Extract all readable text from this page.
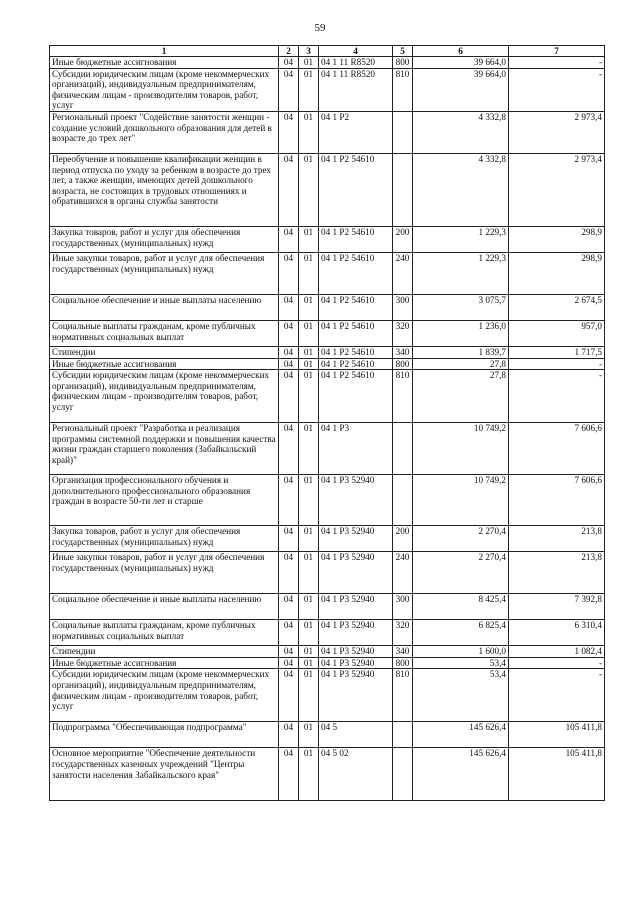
59
1	2	3	4	5	6	7
Иные бюджетные ассигнования	04	01	04 1 11 R8520	800	39 664,0	-
Субсидии юридическим лицам (кроме некоммерческих организаций), индивидуальным предпринимателям, физическим лицам - производителям товаров, работ, услуг	04	01	04 1 11 R8520	810	39 664,0	-
Региональный проект "Содействие занятости женщин - создание условий дошкольного образования для детей в возрасте до трех лет"	04	01	04 1 P2		4 332,8	2 973,4
Переобучение и повышение квалификации женщин в период отпуска по уходу за ребенком в возрасте до трех лет, а также женщин, имеющих детей дошкольного возраста, не состоящих в трудовых отношениях и обратившихся в органы службы занятости	04	01	04 1 P2 54610		4 332,8	2 973,4
Закупка товаров, работ и услуг для обеспечения государственных (муниципальных) нужд	04	01	04 1 P2 54610	200	1 229,3	298,9
Иные закупки товаров, работ и услуг для обеспечения государственных (муниципальных) нужд	04	01	04 1 P2 54610	240	1 229,3	298,9
Социальное обеспечение и иные выплаты населению	04	01	04 1 P2 54610	300	3 075,7	2 674,5
Социальные выплаты гражданам, кроме публичных нормативных социальных выплат	04	01	04 1 P2 54610	320	1 236,0	957,0
Стипендии	04	01	04 1 P2 54610	340	1 839,7	1 717,5
Иные бюджетные ассигнования	04	01	04 1 P2 54610	800	27,8	-
Субсидии юридическим лицам (кроме некоммерческих организаций), индивидуальным предпринимателям, физическим лицам - производителям товаров, работ, услуг	04	01	04 1 P2 54610	810	27,8	-
Региональный проект "Разработка и реализация программы системной поддержки и повышения качества жизни граждан старшего поколения (Забайкальский край)"	04	01	04 1 P3		10 749,2	7 606,6
Организация профессионального обучения и дополнительного профессионального образования граждан в возрасте 50-ти лет и старше	04	01	04 1 P3 52940		10 749,2	7 606,6
Закупка товаров, работ и услуг для обеспечения государственных (муниципальных) нужд	04	01	04 1 P3 52940	200	2 270,4	213,8
Иные закупки товаров, работ и услуг для обеспечения государственных (муниципальных) нужд	04	01	04 1 P3 52940	240	2 270,4	213,8
Социальное обеспечение и иные выплаты населению	04	01	04 1 P3 52940	300	8 425,4	7 392,8
Социальные выплаты гражданам, кроме публичных нормативных социальных выплат	04	01	04 1 P3 52940	320	6 825,4	6 310,4
Стипендии	04	01	04 1 P3 52940	340	1 600,0	1 082,4
Иные бюджетные ассигнования	04	01	04 1 P3 52940	800	53,4	-
Субсидии юридическим лицам (кроме некоммерческих организаций), индивидуальным предпринимателям, физическим лицам - производителям товаров, работ, услуг	04	01	04 1 P3 52940	810	53,4	-
Подпрограмма "Обеспечивающая подпрограмма"	04	01	04 5		145 626,4	105 411,8
Основное мероприятие "Обеспечение деятельности государственных казенных учреждений "Центры занятости населения Забайкальского края"	04	01	04 5 02		145 626,4	105 411,8
